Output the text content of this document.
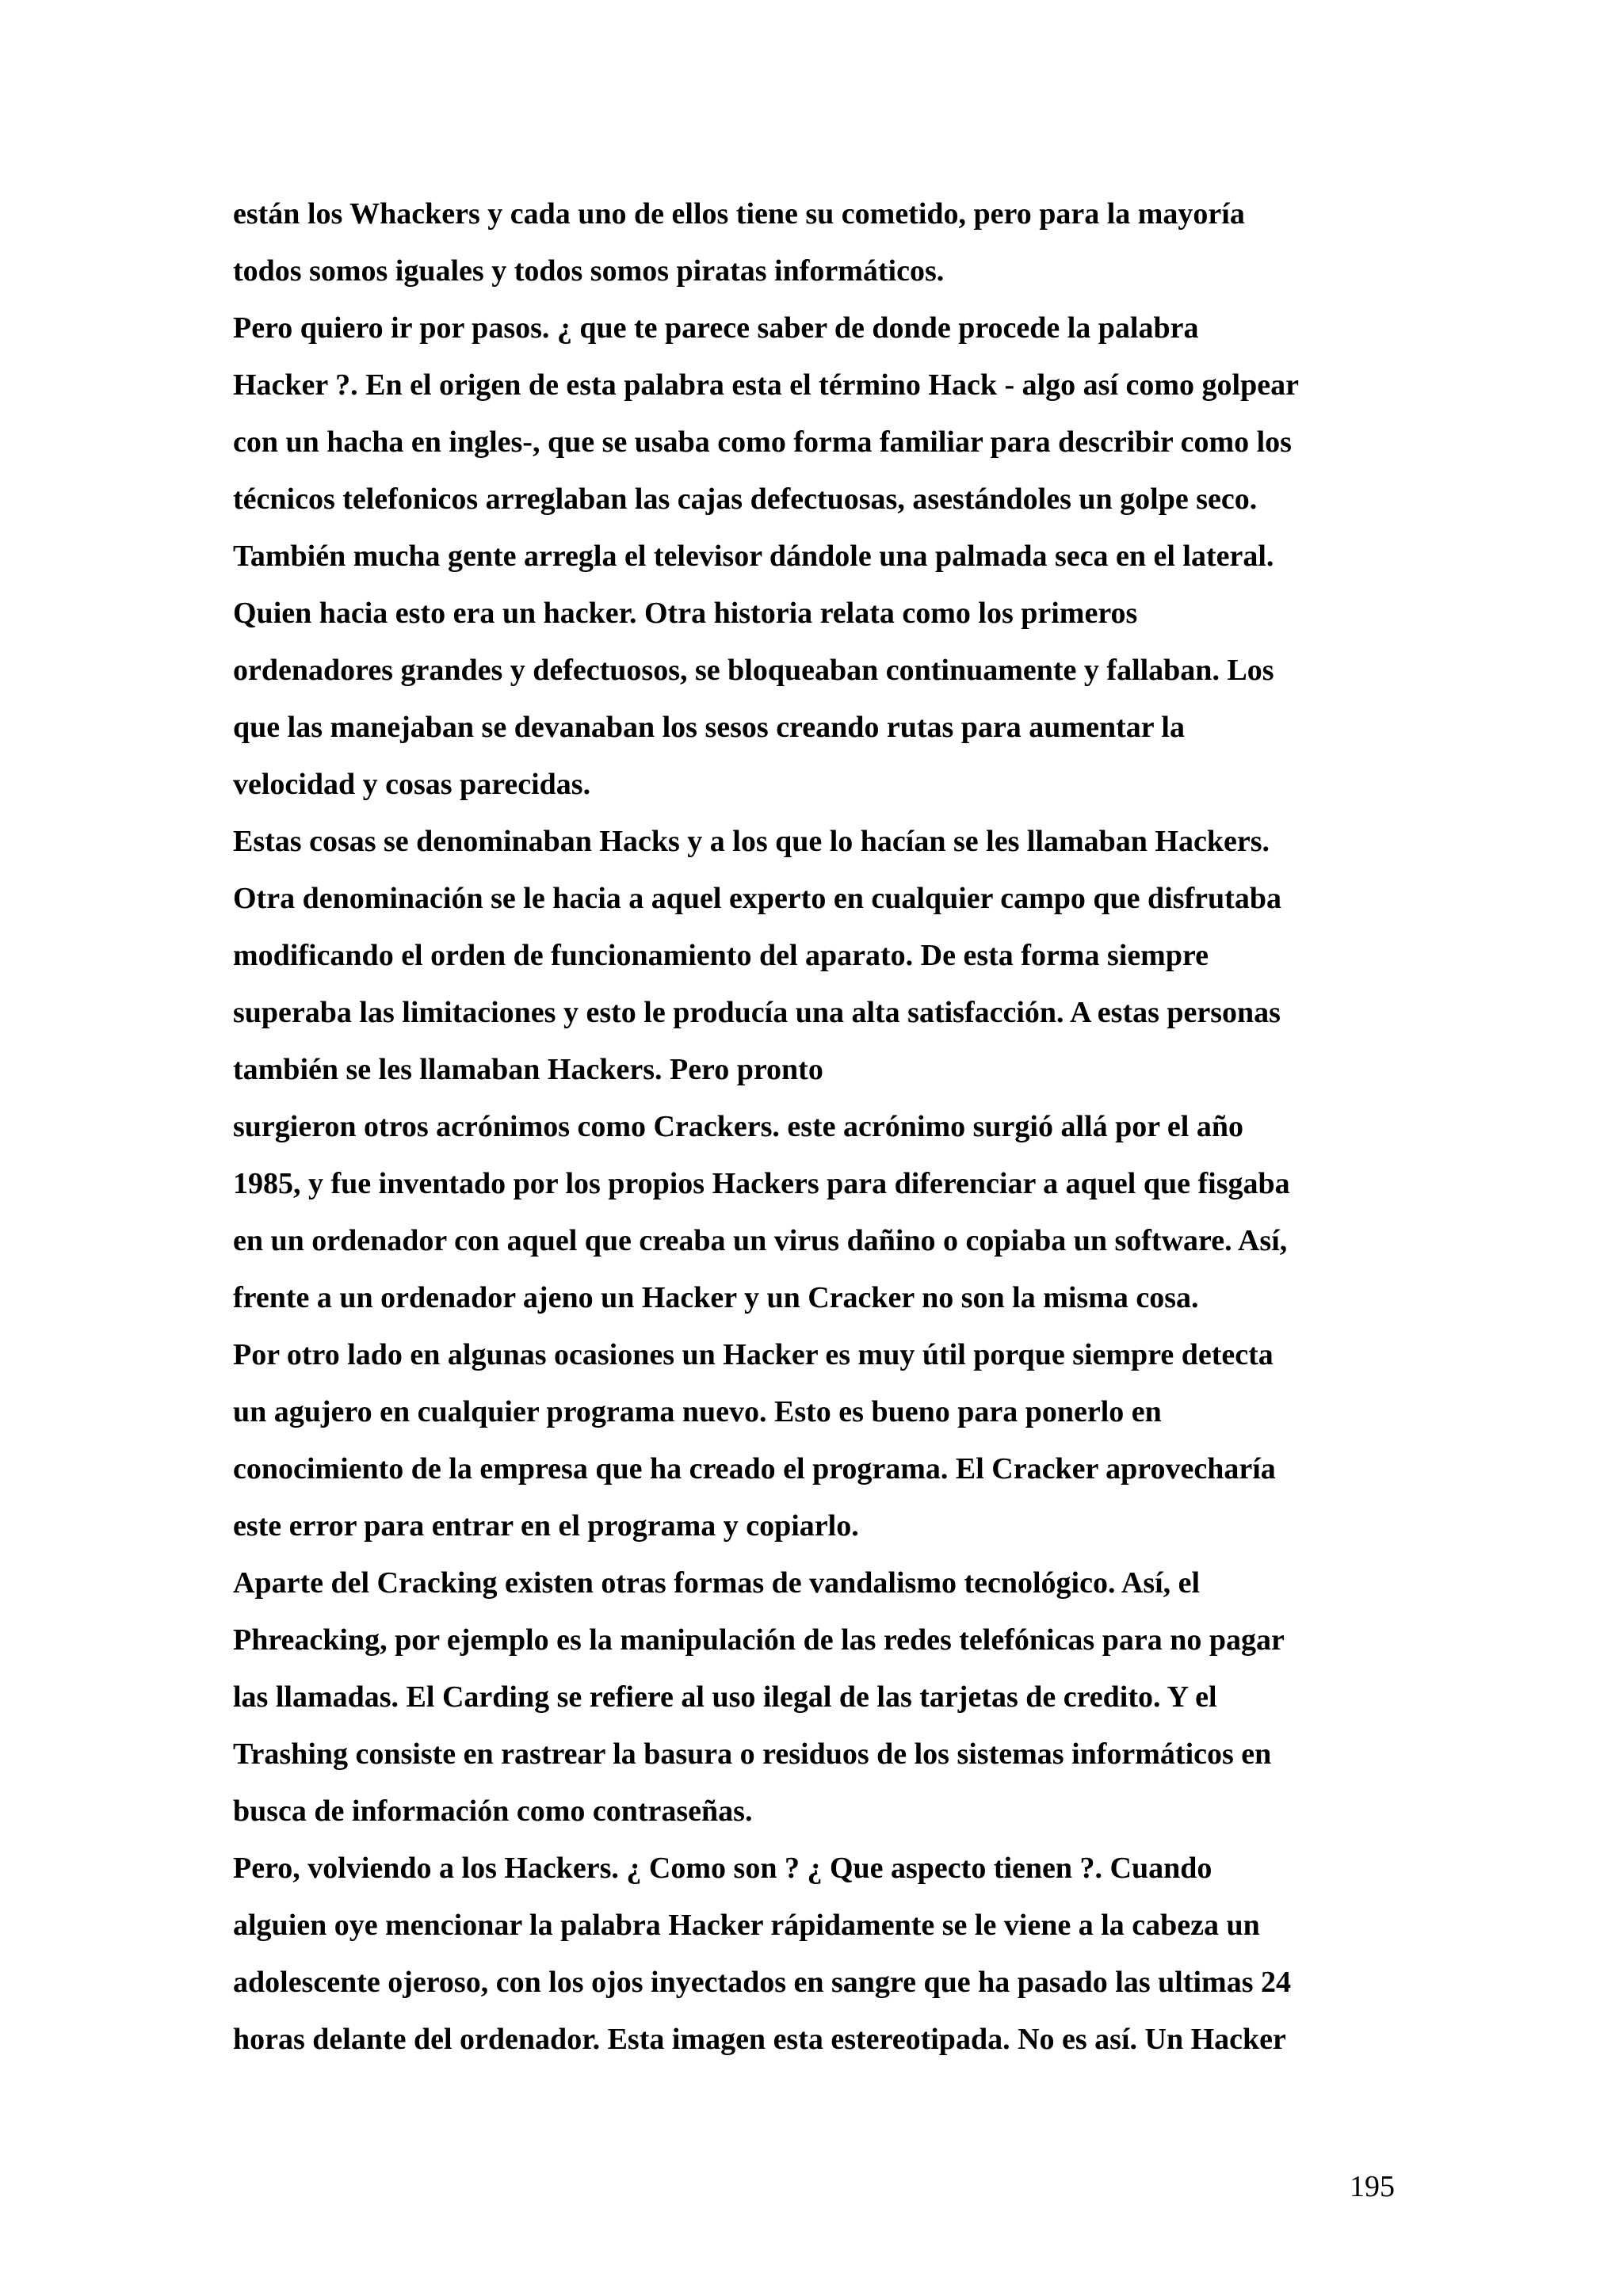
están los Whackers y cada uno de ellos tiene su cometido, pero para la mayoría
todos somos iguales y todos somos piratas informáticos.
Pero quiero ir por pasos. ¿ que te parece saber de donde procede la palabra
Hacker ?. En el origen de esta palabra esta el término Hack - algo así como golpear
con un hacha en ingles-, que se usaba como forma familiar para describir como los
técnicos telefonicos arreglaban las cajas defectuosas, asestándoles un golpe seco.
También mucha gente arregla el televisor dándole una palmada seca en el lateral.
Quien hacia esto era un hacker. Otra historia relata como los primeros
ordenadores grandes y defectuosos, se bloqueaban continuamente y fallaban. Los
que las manejaban se devanaban los sesos creando rutas para aumentar la
velocidad y cosas parecidas.
Estas cosas se denominaban Hacks y a los que lo hacían se les llamaban Hackers.
Otra denominación se le hacia a aquel experto en cualquier campo que disfrutaba
modificando el orden de funcionamiento del aparato. De esta forma siempre
superaba las limitaciones y esto le producía una alta satisfacción. A estas personas
también se les llamaban Hackers. Pero pronto
surgieron otros acrónimos como Crackers. este acrónimo surgió allá por el año
1985, y fue inventado por los propios Hackers para diferenciar a aquel que fisgaba
en un ordenador con aquel que creaba un virus dañino o copiaba un software. Así,
frente a un ordenador ajeno un Hacker y un Cracker no son la misma cosa.
Por otro lado en algunas ocasiones un Hacker es muy útil porque siempre detecta
un agujero en cualquier programa nuevo. Esto es bueno para ponerlo en
conocimiento de la empresa que ha creado el programa. El Cracker aprovecharía
este error para entrar en el programa y copiarlo.
Aparte del Cracking existen otras formas de vandalismo tecnológico. Así, el
Phreacking, por ejemplo es la manipulación de las redes telefónicas para no pagar
las llamadas. El Carding se refiere al uso ilegal de las tarjetas de credito. Y el
Trashing consiste en rastrear la basura o residuos de los sistemas informáticos en
busca de información como contraseñas.
Pero, volviendo a los Hackers. ¿ Como son ? ¿ Que aspecto tienen ?. Cuando
alguien oye mencionar la palabra Hacker rápidamente se le viene a la cabeza un
adolescente ojeroso, con los ojos inyectados en sangre que ha pasado las ultimas 24
horas delante del ordenador. Esta imagen esta estereotipada. No es así. Un Hacker
195
